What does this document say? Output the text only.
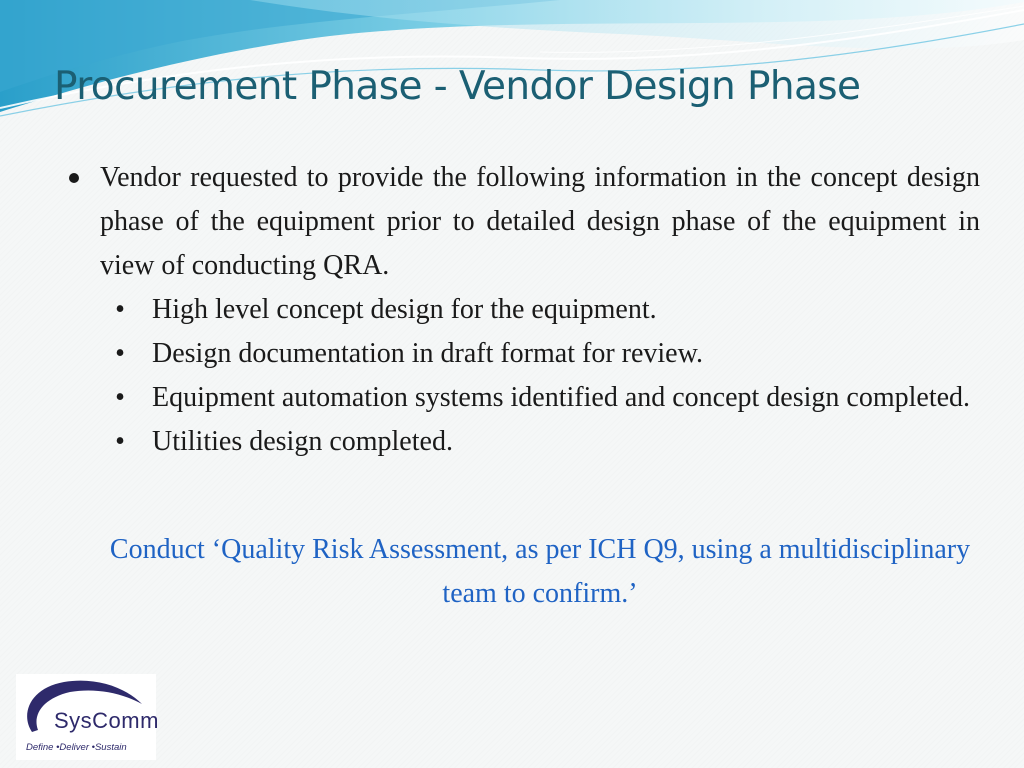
Procurement Phase - Vendor Design Phase
Vendor requested to provide the following information in the concept design phase of the equipment prior to detailed design phase of the equipment in view of conducting QRA.
• High level concept design for the equipment.
• Design documentation in draft format for review.
• Equipment automation systems identified and concept design completed.
• Utilities design completed.

Conduct ‘Quality Risk Assessment, as per ICH Q9, using a multidisciplinary team to confirm.’

SysComm
Define •Deliver •Sustain
